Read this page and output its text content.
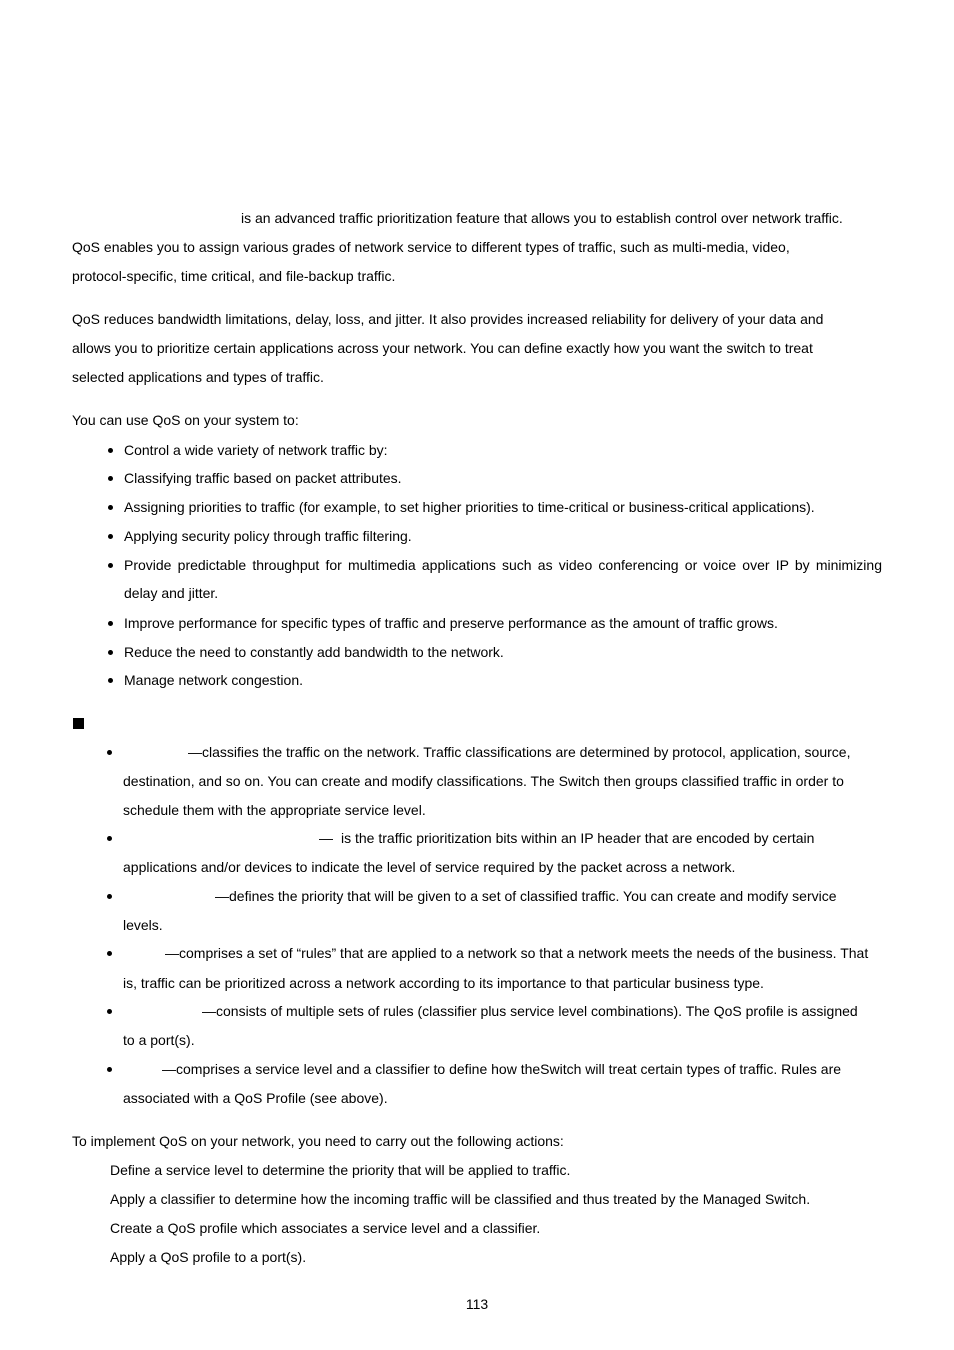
is an advanced traffic prioritization feature that allows you to establish control over network traffic.
QoS enables you to assign various grades of network service to different types of traffic, such as multi-media, video,
protocol-specific, time critical, and file-backup traffic.
QoS reduces bandwidth limitations, delay, loss, and jitter. It also provides increased reliability for delivery of your data and
allows you to prioritize certain applications across your network. You can define exactly how you want the switch to treat
selected applications and types of traffic.
You can use QoS on your system to:
Control a wide variety of network traffic by:
Classifying traffic based on packet attributes.
Assigning priorities to traffic (for example, to set higher priorities to time-critical or business-critical applications).
Applying security policy through traffic filtering.
Provide predictable throughput for multimedia applications such as video conferencing or voice over IP by minimizing
delay and jitter.
Improve performance for specific types of traffic and preserve performance as the amount of traffic grows.
Reduce the need to constantly add bandwidth to the network.
Manage network congestion.
— classifies the traffic on the network. Traffic classifications are determined by protocol, application, source,
destination, and so on. You can create and modify classifications. The Switch then groups classified traffic in order to
schedule them with the appropriate service level.
— is the traffic prioritization bits within an IP header that are encoded by certain
applications and/or devices to indicate the level of service required by the packet across a network.
— defines the priority that will be given to a set of classified traffic. You can create and modify service
levels.
— comprises a set of “rules” that are applied to a network so that a network meets the needs of the business. That
is, traffic can be prioritized across a network according to its importance to that particular business type.
— consists of multiple sets of rules (classifier plus service level combinations). The QoS profile is assigned
to a port(s).
— comprises a service level and a classifier to define how theSwitch will treat certain types of traffic. Rules are
associated with a QoS Profile (see above).
To implement QoS on your network, you need to carry out the following actions:
Define a service level to determine the priority that will be applied to traffic.
Apply a classifier to determine how the incoming traffic will be classified and thus treated by the Managed Switch.
Create a QoS profile which associates a service level and a classifier.
Apply a QoS profile to a port(s).
113
